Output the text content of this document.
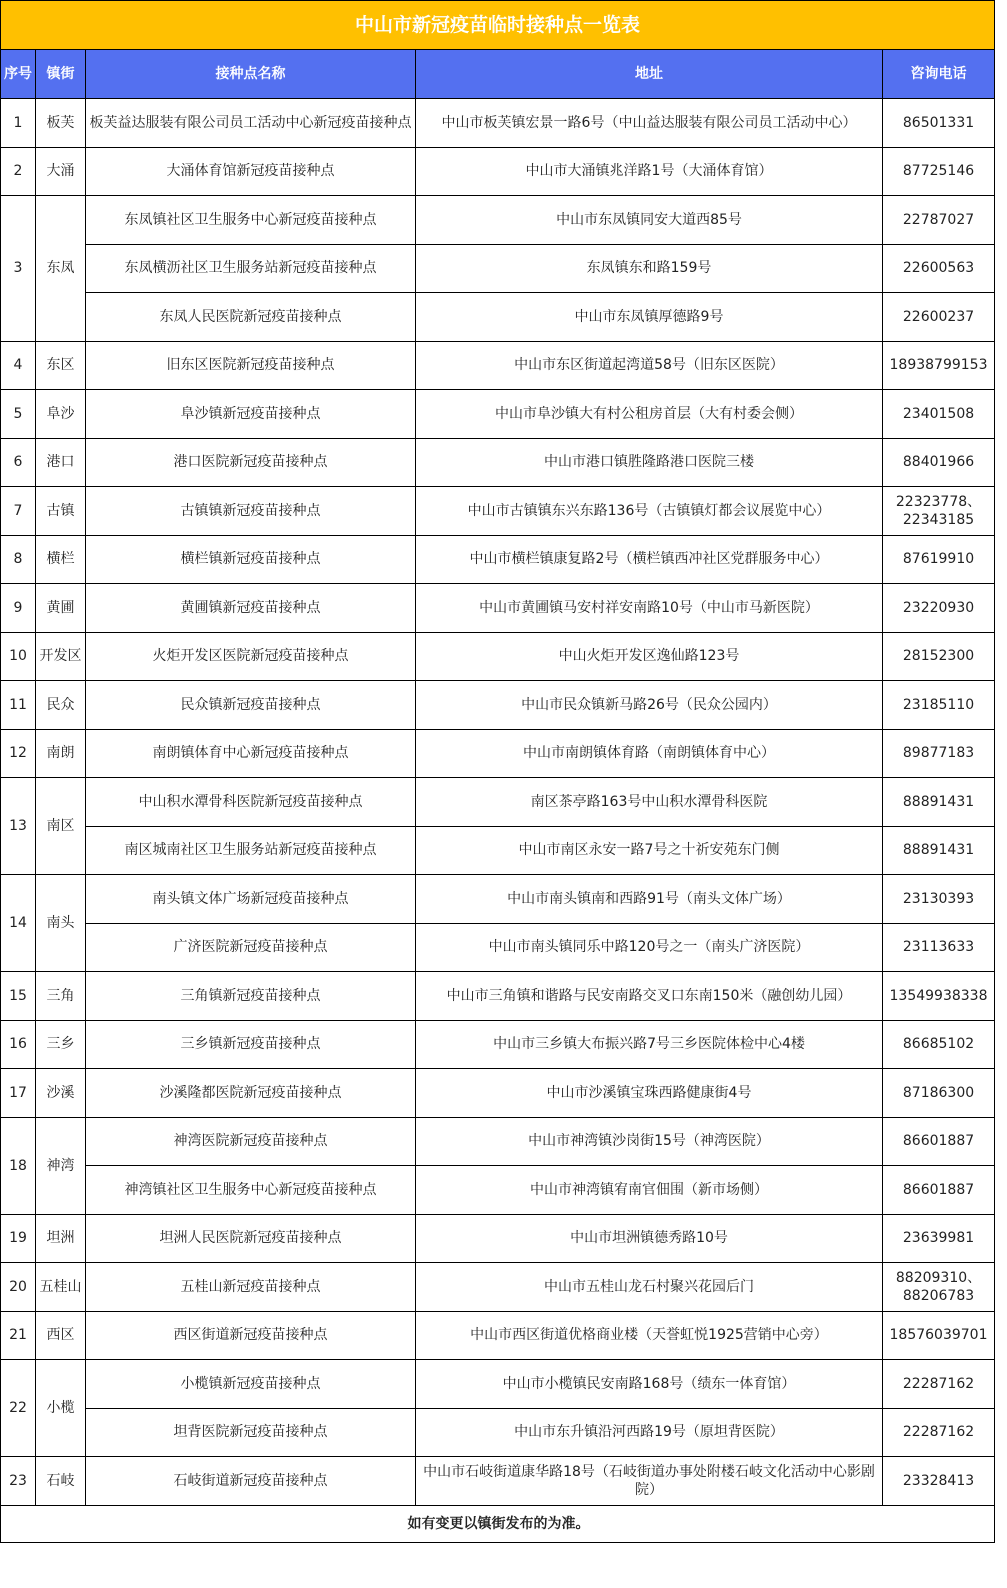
中山市新冠疫苗临时接种点一览表				
序号	镇街	接种点名称	地址	咨询电话
1	板芙	板芙益达服装有限公司员工活动中心新冠疫苗接种点	中山市板芙镇宏景一路6号（中山益达服装有限公司员工活动中心）	86501331
2	大涌	大涌体育馆新冠疫苗接种点	中山市大涌镇兆洋路1号（大涌体育馆）	87725146
3	东凤	东凤镇社区卫生服务中心新冠疫苗接种点	中山市东凤镇同安大道西85号	22787027
		东凤横沥社区卫生服务站新冠疫苗接种点	东凤镇东和路159号	22600563
		东凤人民医院新冠疫苗接种点	中山市东凤镇厚德路9号	22600237
4	东区	旧东区医院新冠疫苗接种点	中山市东区街道起湾道58号（旧东区医院）	18938799153
5	阜沙	阜沙镇新冠疫苗接种点	中山市阜沙镇大有村公租房首层（大有村委会侧）	23401508
6	港口	港口医院新冠疫苗接种点	中山市港口镇胜隆路港口医院三楼	88401966
7	古镇	古镇镇新冠疫苗接种点	中山市古镇镇东兴东路136号（古镇镇灯都会议展览中心）	22323778、22343185
8	横栏	横栏镇新冠疫苗接种点	中山市横栏镇康复路2号（横栏镇西冲社区党群服务中心）	87619910
9	黄圃	黄圃镇新冠疫苗接种点	中山市黄圃镇马安村祥安南路10号（中山市马新医院）	23220930
10	开发区	火炬开发区医院新冠疫苗接种点	中山火炬开发区逸仙路123号	28152300
11	民众	民众镇新冠疫苗接种点	中山市民众镇新马路26号（民众公园内）	23185110
12	南朗	南朗镇体育中心新冠疫苗接种点	中山市南朗镇体育路（南朗镇体育中心）	89877183
13	南区	中山积水潭骨科医院新冠疫苗接种点	南区茶亭路163号中山积水潭骨科医院	88891431
		南区城南社区卫生服务站新冠疫苗接种点	中山市南区永安一路7号之十祈安苑东门侧	88891431
14	南头	南头镇文体广场新冠疫苗接种点	中山市南头镇南和西路91号（南头文体广场）	23130393
		广济医院新冠疫苗接种点	中山市南头镇同乐中路120号之一（南头广济医院）	23113633
15	三角	三角镇新冠疫苗接种点	中山市三角镇和谐路与民安南路交叉口东南150米（融创幼儿园）	13549938338
16	三乡	三乡镇新冠疫苗接种点	中山市三乡镇大布振兴路7号三乡医院体检中心4楼	86685102
17	沙溪	沙溪隆都医院新冠疫苗接种点	中山市沙溪镇宝珠西路健康街4号	87186300
18	神湾	神湾医院新冠疫苗接种点	中山市神湾镇沙岗街15号（神湾医院）	86601887
		神湾镇社区卫生服务中心新冠疫苗接种点	中山市神湾镇宥南官佃围（新市场侧）	86601887
19	坦洲	坦洲人民医院新冠疫苗接种点	中山市坦洲镇德秀路10号	23639981
20	五桂山	五桂山新冠疫苗接种点	中山市五桂山龙石村聚兴花园后门	88209310、88206783
21	西区	西区街道新冠疫苗接种点	中山市西区街道优格商业楼（天誉虹悦1925营销中心旁）	18576039701
22	小榄	小榄镇新冠疫苗接种点	中山市小榄镇民安南路168号（绩东一体育馆）	22287162
		坦背医院新冠疫苗接种点	中山市东升镇沿河西路19号（原坦背医院）	22287162
23	石岐	石岐街道新冠疫苗接种点	中山市石岐街道康华路18号（石岐街道办事处附楼石岐文化活动中心影剧院）	23328413

如有变更以镇街发布的为准。				
